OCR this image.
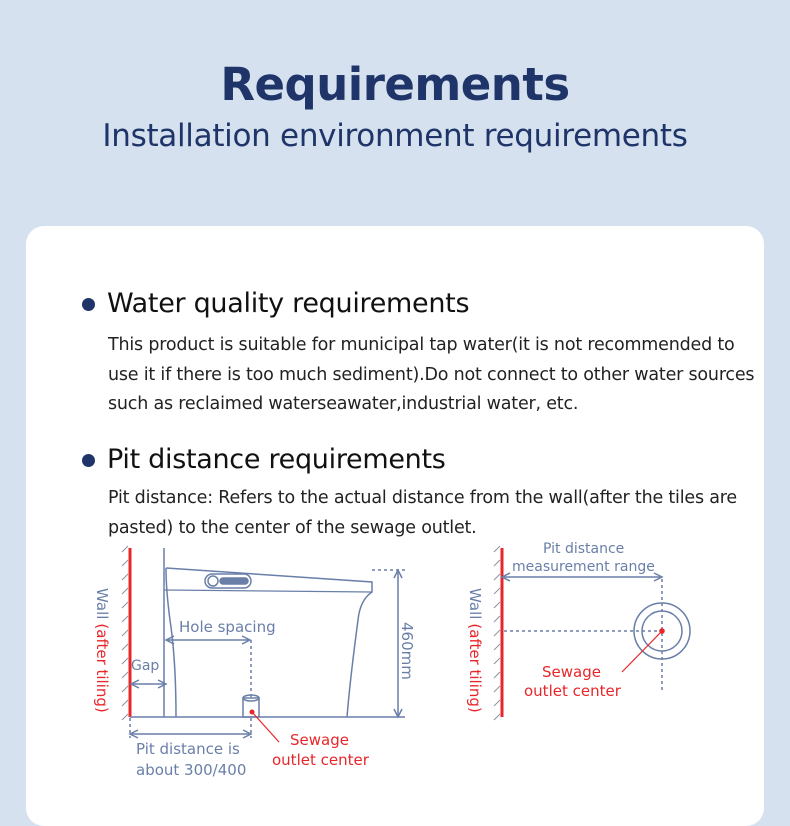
Requirements
Installation environment requirements
Water quality requirements
This product is suitable for municipal tap water(it is not recommended to use it if there is too much sediment).Do not connect to other water sources such as reclaimed waterseawater,industrial water, etc.
Pit distance requirements
Pit distance: Refers to the actual distance from the wall(after the tiles are pasted) to the center of the sewage outlet.
Wall(after tiling) Gap
Hole spacing	460mm
Pit distance is
about 300/400
Sewage
outlet center
Wall(after tiling)
Pit distance
measurement range
Sewage
outlet center
